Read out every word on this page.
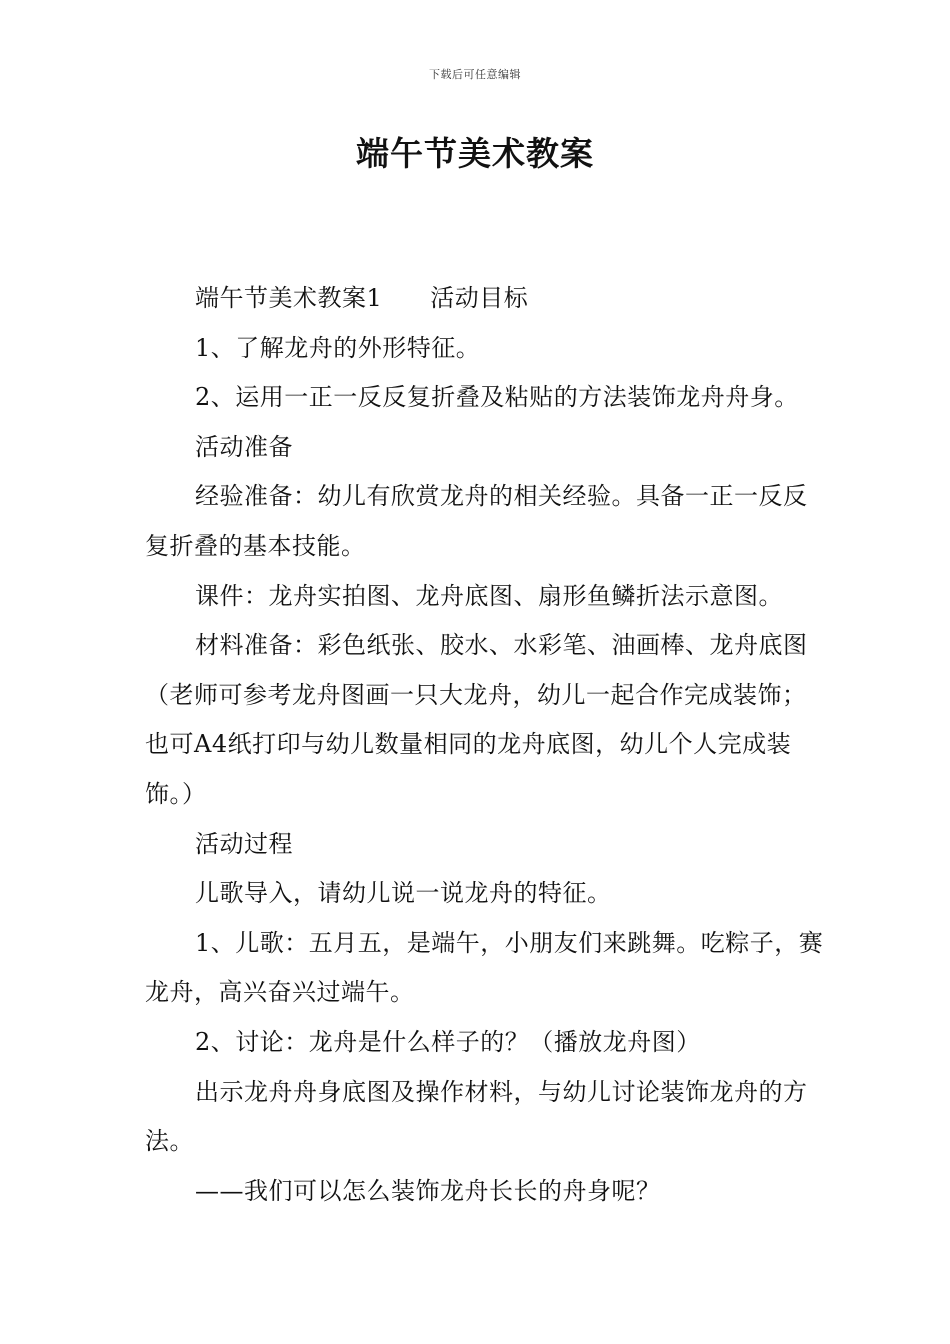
下载后可任意编辑
端午节美术教案

端午节美术教案1 活动目标

1、了解龙舟的外形特征。

2、运用一正一反反复折叠及粘贴的方法装饰龙舟舟身。

活动准备

经验准备：幼儿有欣赏龙舟的相关经验。具备一正一反反复折叠的基本技能。

课件：龙舟实拍图、龙舟底图、扇形鱼鳞折法示意图。

材料准备：彩色纸张、胶水、水彩笔、油画棒、龙舟底图（老师可参考龙舟图画一只大龙舟，幼儿一起合作完成装饰；也可A4纸打印与幼儿数量相同的龙舟底图，幼儿个人完成装饰。）

活动过程

儿歌导入，请幼儿说一说龙舟的特征。

1、儿歌：五月五，是端午，小朋友们来跳舞。吃粽子，赛龙舟，高兴奋兴过端午。

2、讨论：龙舟是什么样子的？（播放龙舟图）

出示龙舟舟身底图及操作材料，与幼儿讨论装饰龙舟的方法。

——我们可以怎么装饰龙舟长长的舟身呢？
